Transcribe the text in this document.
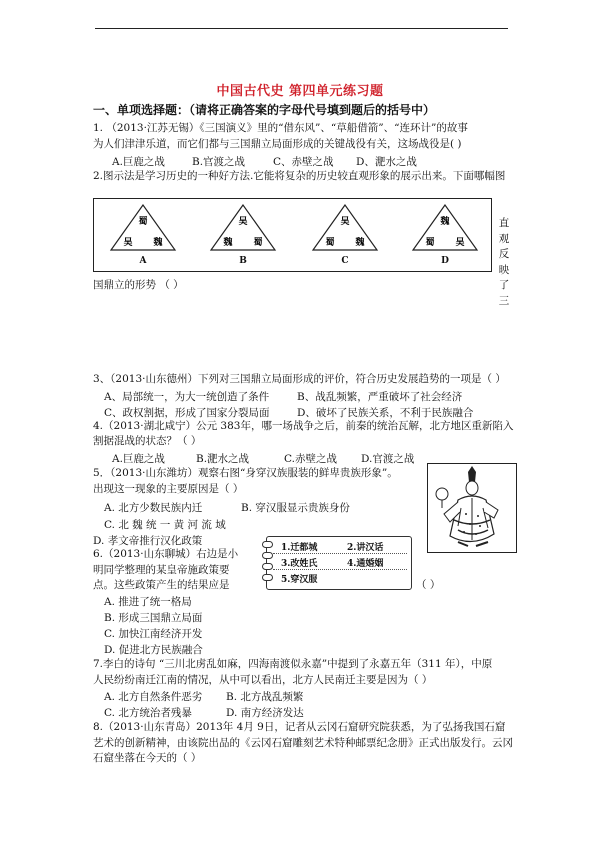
中国古代史 第四单元练习题
一、单项选择题：（请将正确答案的字母代号填到题后的括号中）
1. （2013·江苏无锡）《三国演义》里的“借东风”、“草船借箭”、“连环计”的故事
为人们津津乐道，而它们都与三国鼎立局面形成的关键战役有关，这场战役是( )
A.巨鹿之战	B.官渡之战	C、赤壁之战 D、淝水之战
2.图示法是学习历史的一种好方法.它能将复杂的历史较直观形象的展示出来。下面哪幅图
蜀
吴 魏
A
吴
魏 蜀
B
吴
蜀 魏
C
魏
蜀 吴
D
直
观
反
映
了
三
国鼎立的形势 （ ）
3、（2013·山东德州）下列对三国鼎立局面形成的评价，符合历史发展趋势的一项是（ ）
A、局部统一，为大一统创造了条件	B、战乱频繁，严重破坏了社会经济
C、政权割据，形成了国家分裂局面	D、破坏了民族关系，不利于民族融合
4.（2013·湖北咸宁）公元 383年，哪一场战争之后，前秦的统治瓦解，北方地区重新陷入
割据混战的状态？（ ）
A.巨鹿之战	B.淝水之战	C.赤壁之战 D.官渡之战
5．（2013·山东潍坊）观察右图“身穿汉族服装的鲜卑贵族形象”。
出现这一现象的主要原因是（ ）
A. 北方少数民族内迁	B. 穿汉服显示贵族身份
C. 北 魏 统 一 黄 河 流 域
D. 孝文帝推行汉化政策
6.（2013·山东聊城）右边是小
明同学整理的某皇帝施政策要
点。这些政策产生的结果应是	（ ）
A. 推进了统一格局
B. 形成三国鼎立局面
C. 加快江南经济开发
D. 促进北方民族融合
1.迁都城	2.讲汉话
3.改姓氏	4.通婚姻
5.穿汉服
7.李白的诗句 “三川北虏乱如麻，四海南渡似永嘉”中提到了永嘉五年（311 年），中原
人民纷纷南迁江南的情况，从中可以看出，北方人民南迁主要是因为（ ）
A. 北方自然条件恶劣 B. 北方战乱频繁
C. 北方统治者残暴	D. 南方经济发达
8.（2013·山东青岛）2013年 4月 9日，记者从云冈石窟研究院获悉，为了弘扬我国石窟
艺术的创新精神，由该院出品的《云冈石窟雕刻艺术特种邮票纪念册》正式出版发行。云冈
石窟坐落在今天的（ ）
